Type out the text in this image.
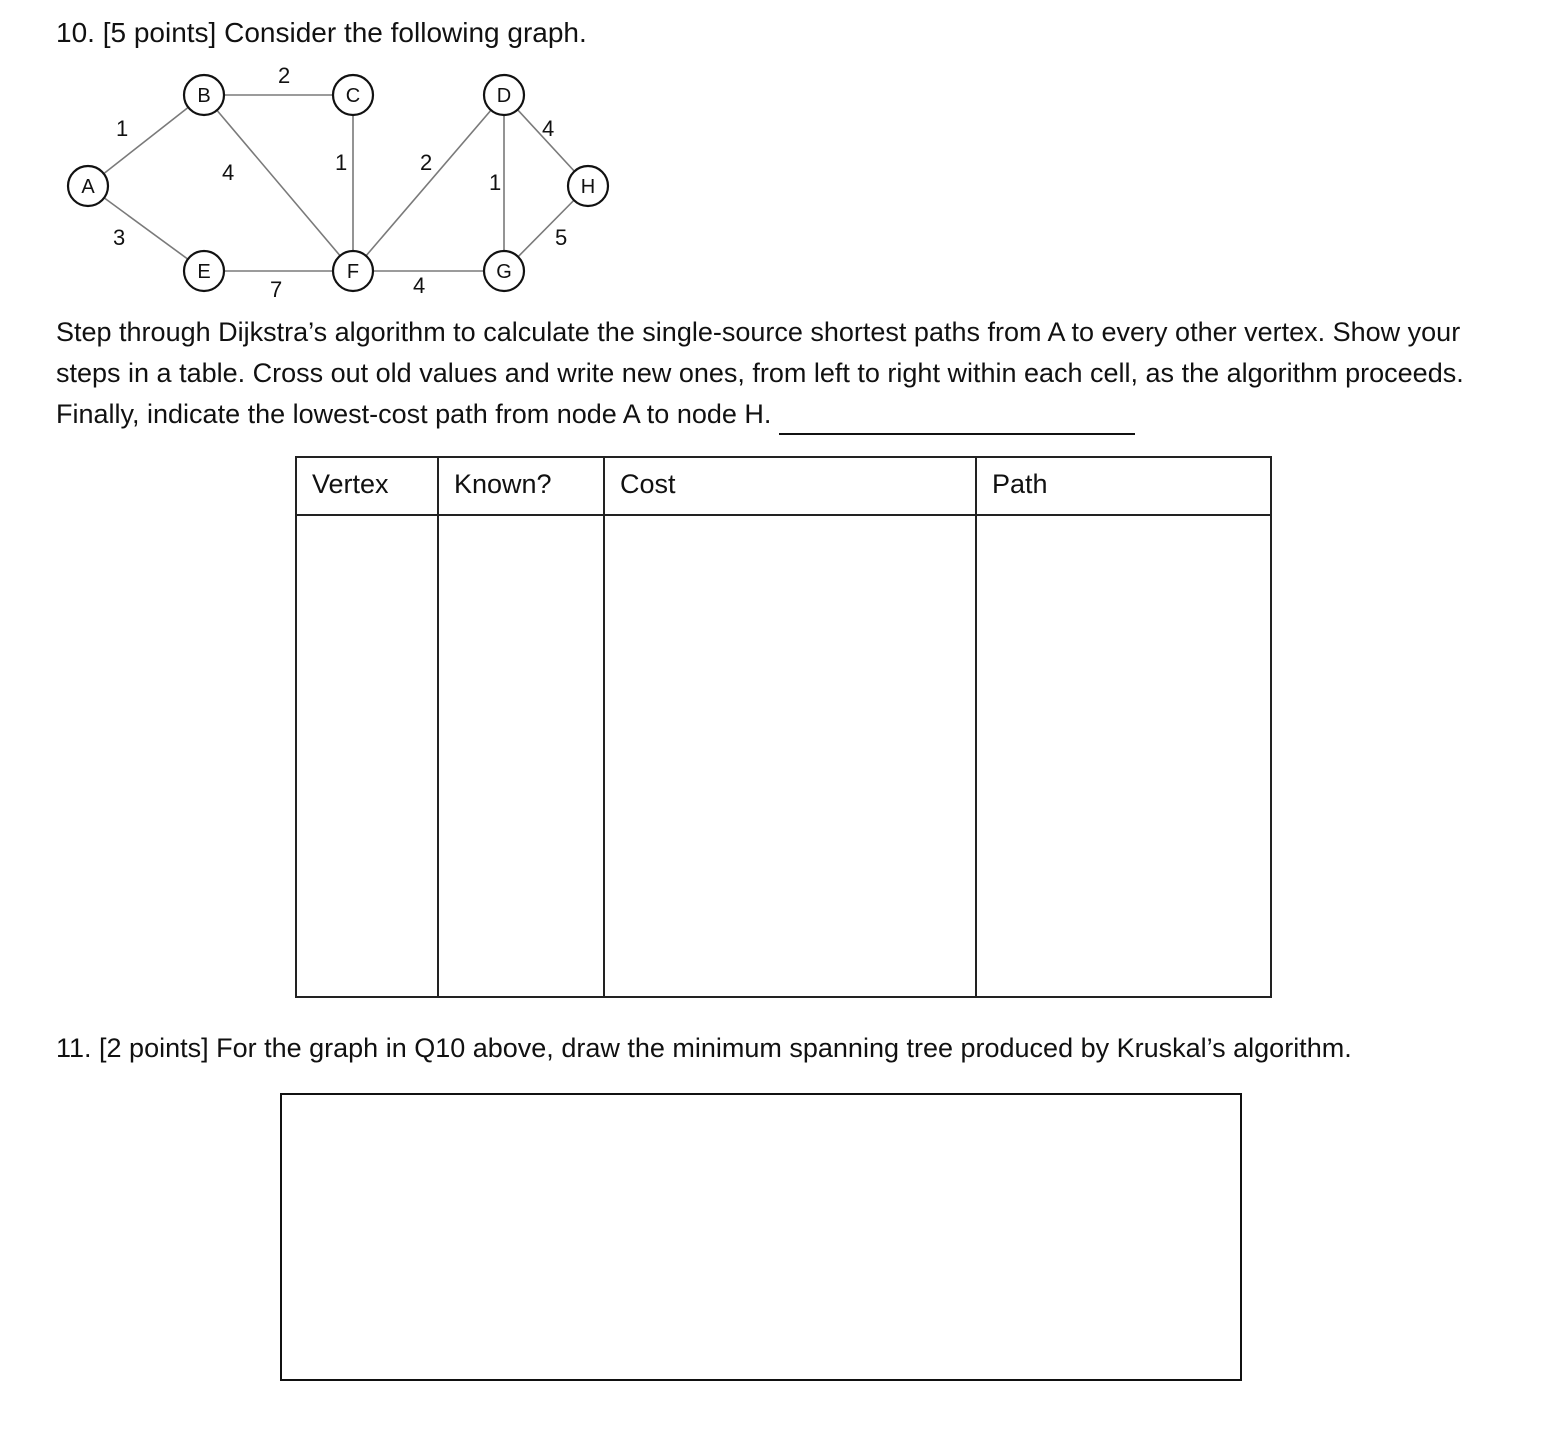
10. [5 points] Consider the following graph.
1
3
2
4	1	2
1
4
7	4
5
A
B	C	D
E	F	G
H
Step through Dijkstra’s algorithm to calculate the single-source shortest paths from A to every other vertex. Show your
steps in a table. Cross out old values and write new ones, from left to right within each cell, as the algorithm proceeds.
Finally, indicate the lowest-cost path from node A to node H.
Vertex	Known?	Cost	Path

11. [2 points] For the graph in Q10 above, draw the minimum spanning tree produced by Kruskal’s algorithm.
